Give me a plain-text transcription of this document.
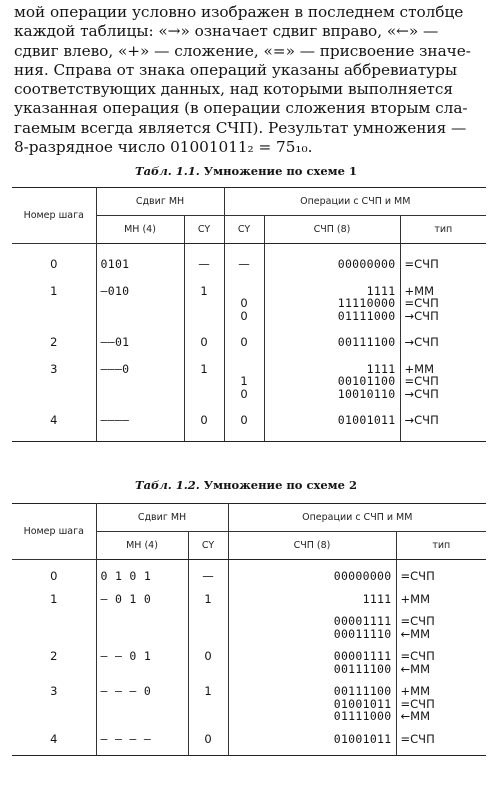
мой операции условно изображен в последнем столбце

каждой таблицы: «→» означает сдвиг вправо, «←» —

сдвиг влево, «+» — сложение, «=» — присвоение значе-

ния. Справа от знака операций указаны аббревиатуры

соответствующих данных, над которыми выполняется

указанная операция (в операции сложения вторым сла-

гаемым всегда является СЧП). Результат умножения —

8-разрядное число 01001011₂ = 75₁₀.

Табл. 1.1. Умножение по схеме 1
Номер шага	Сдвиг МН		Операции с СЧП и ММ		
	МН (4)	CY	CY	СЧП (8)	тип

0	0101	—	—	00000000	=СЧП

1	—010	1		1111	+ММ
			0	11110000	=СЧП
			0	01111000	→СЧП

2	——01	0	0	00111100	→СЧП

3	———0	1		1111	+ММ
			1	00101100	=СЧП
			0	10010110	→СЧП

4	————	0	0	01001011	→СЧП

Табл. 1.2. Умножение по схеме 2
Номер шага	Сдвиг МН		Операции с СЧП и ММ	
	МН (4)	CY	СЧП (8)	тип

0	0 1 0 1	—	00000000	=СЧП

1	— 0 1 0	1	1111	+ММ

			00001111	=СЧП
			00011110	←ММ

2	— — 0 1	0	00001111	=СЧП
			00111100	←ММ

3	— — — 0	1	00111100	+ММ
			01001011	=СЧП
			01111000	←ММ

4	— — — —	0	01001011	=СЧП
